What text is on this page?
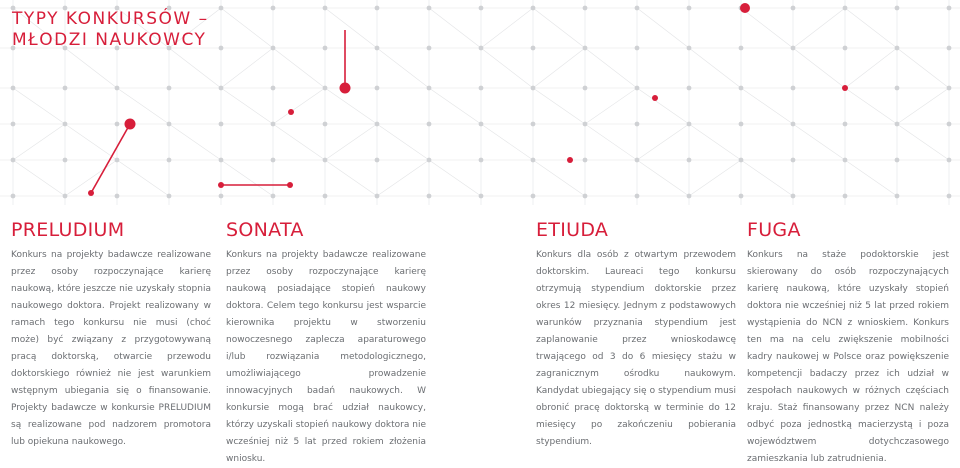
TYPY KONKURSÓW –
MŁODZI NAUKOWCY
PRELUDIUM

Konkurs na projekty badawcze realizowane przez osoby rozpoczynające karierę naukową, które jeszcze nie uzyskały stopnia naukowego doktora. Projekt realizowany w ramach tego konkursu nie musi (choć może) być związany z przygotowywaną pracą doktorską, otwarcie przewodu doktorskiego również nie jest warunkiem wstępnym ubiegania się o finansowanie. Projekty badawcze w konkursie PRELUDIUM są realizowane pod nadzorem promotora lub opiekuna naukowego.

SONATA

Konkurs na projekty badawcze realizowane przez osoby rozpoczynające karierę naukową posiadające stopień naukowy doktora. Celem tego konkursu jest wsparcie kierownika projektu w stworzeniu nowoczesnego zaplecza aparaturowego i/lub rozwiązania metodologicznego, umożliwiającego prowadzenie innowacyjnych badań naukowych. W konkursie mogą brać udział naukowcy, którzy uzyskali stopień naukowy doktora nie wcześniej niż 5 lat przed rokiem złożenia wniosku.

ETIUDA

Konkurs dla osób z otwartym przewodem doktorskim. Laureaci tego konkursu otrzymują stypendium doktorskie przez okres 12 miesięcy. Jednym z podstawowych warunków przyznania stypendium jest zaplanowanie przez wnioskodawcę trwającego od 3 do 6 miesięcy stażu w zagranicznym ośrodku naukowym. Kandydat ubiegający się o stypendium musi obronić pracę doktorską w terminie do 12 miesięcy po zakończeniu pobierania stypendium.

FUGA

Konkurs na staże podoktorskie jest skierowany do osób rozpoczynających karierę naukową, które uzyskały stopień doktora nie wcześniej niż 5 lat przed rokiem wystąpienia do NCN z wnioskiem. Konkurs ten ma na celu zwiększenie mobilności kadry naukowej w Polsce oraz powiększenie kompetencji badaczy przez ich udział w zespołach naukowych w różnych częściach kraju. Staż finansowany przez NCN należy odbyć poza jednostką macierzystą i poza województwem dotychczasowego zamieszkania lub zatrudnienia.
